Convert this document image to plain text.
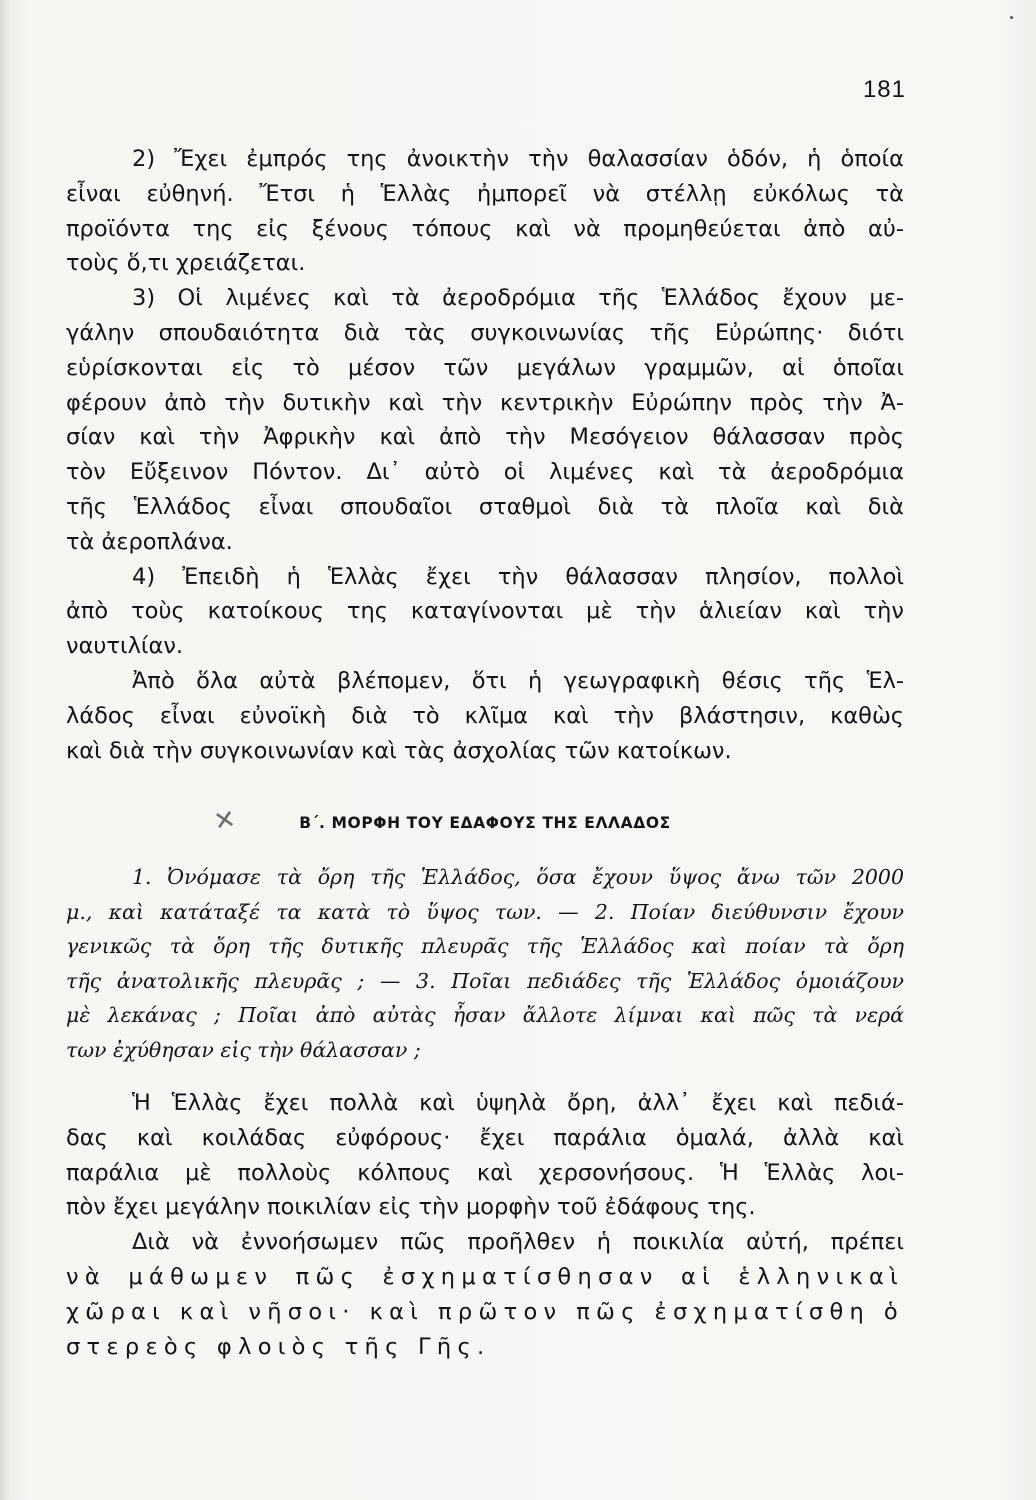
181
2) Ἔχει ἐμπρός της ἀνοικτὴν τὴν θαλασσίαν ὁδόν, ἡ ὁποία
εἶναι εὐθηνή. Ἔτσι ἡ Ἑλλὰς ἠμπορεῖ νὰ στέλλῃ εὐκόλως τὰ
προϊόντα της εἰς ξένους τόπους καὶ νὰ προμηθεύεται ἀπὸ αὐ-
τοὺς ὅ,τι χρειάζεται.
3) Οἱ λιμένες καὶ τὰ ἀεροδρόμια τῆς Ἑλλάδος ἔχουν με-
γάλην σπουδαιότητα διὰ τὰς συγκοινωνίας τῆς Εὐρώπης· διότι
εὑρίσκονται εἰς τὸ μέσον τῶν μεγάλων γραμμῶν, αἱ ὁποῖαι
φέρουν ἀπὸ τὴν δυτικὴν καὶ τὴν κεντρικὴν Εὐρώπην πρὸς τὴν Ἀ-
σίαν καὶ τὴν Ἀφρικὴν καὶ ἀπὸ τὴν Μεσόγειον θάλασσαν πρὸς
τὸν Εὔξεινον Πόντον. Δι᾽ αὐτὸ οἱ λιμένες καὶ τὰ ἀεροδρόμια
τῆς Ἑλλάδος εἶναι σπουδαῖοι σταθμοὶ διὰ τὰ πλοῖα καὶ διὰ
τὰ ἀεροπλάνα.
4) Ἐπειδὴ ἡ Ἑλλὰς ἔχει τὴν θάλασσαν πλησίον, πολλοὶ
ἀπὸ τοὺς κατοίκους της καταγίνονται μὲ τὴν ἁλιείαν καὶ τὴν
ναυτιλίαν.
Ἀπὸ ὅλα αὐτὰ βλέπομεν, ὅτι ἡ γεωγραφικὴ θέσις τῆς Ἑλ-
λάδος εἶναι εὐνοϊκὴ διὰ τὸ κλῖμα καὶ τὴν βλάστησιν, καθὼς
καὶ διὰ τὴν συγκοινωνίαν καὶ τὰς ἀσχολίας τῶν κατοίκων.
✕	Β΄. ΜΟΡΦΗ ΤΟΥ ΕΔΑΦΟΥΣ ΤΗΣ ΕΛΛΑΔΟΣ
1. Ὀνόμασε τὰ ὄρη τῆς Ἑλλάδος, ὅσα ἔχουν ὕψος ἄνω τῶν 2000
μ., καὶ κατάταξέ τα κατὰ τὸ ὕψος των. — 2. Ποίαν διεύθυνσιν ἔχουν
γενικῶς τὰ ὄρη τῆς δυτικῆς πλευρᾶς τῆς Ἑλλάδος καὶ ποίαν τὰ ὄρη
τῆς ἀνατολικῆς πλευρᾶς ; — 3. Ποῖαι πεδιάδες τῆς Ἑλλάδος ὁμοιάζουν
μὲ λεκάνας ; Ποῖαι ἀπὸ αὐτὰς ἦσαν ἄλλοτε λίμναι καὶ πῶς τὰ νερά
των ἐχύθησαν εἰς τὴν θάλασσαν ;
Ἡ Ἑλλὰς ἔχει πολλὰ καὶ ὑψηλὰ ὄρη, ἀλλ᾽ ἔχει καὶ πεδιά-
δας καὶ κοιλάδας εὐφόρους· ἔχει παράλια ὁμαλά, ἀλλὰ καὶ
παράλια μὲ πολλοὺς κόλπους καὶ χερσονήσους. Ἡ Ἑλλὰς λοι-
πὸν ἔχει μεγάλην ποικιλίαν εἰς τὴν μορφὴν τοῦ ἐδάφους της.
Διὰ νὰ ἐννοήσωμεν πῶς προῆλθεν ἡ ποικιλία αὐτή, πρέπει
νὰ μάθωμεν πῶς ἐσχηματίσθησαν αἱ ἑλληνικαὶ
χῶραι καὶ νῆσοι· καὶ πρῶτον πῶς ἐσχηματίσθη ὁ
στερεὸς φλοιὸς τῆς Γῆς.
